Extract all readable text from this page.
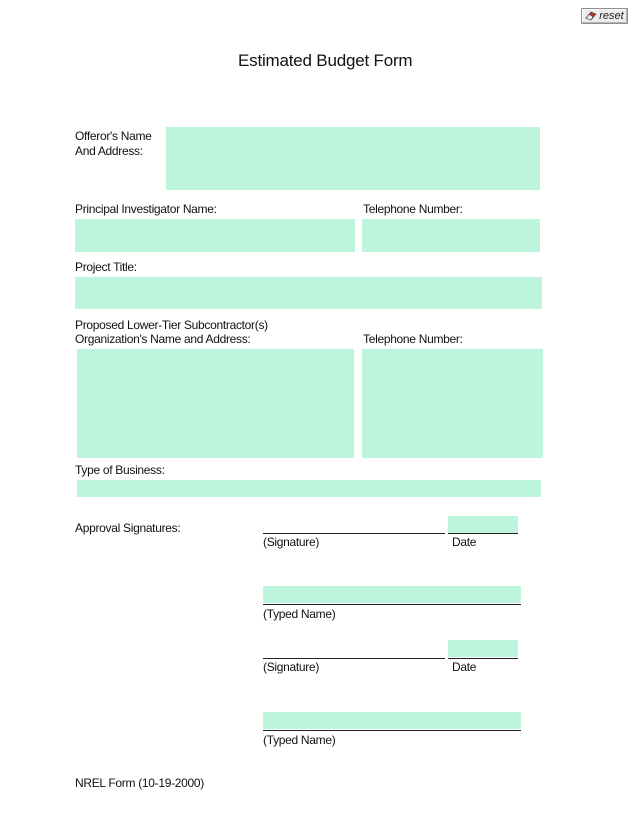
reset
Estimated Budget Form
Offeror's Name
And Address:
Principal Investigator Name:	Telephone Number:
Project Title:
Proposed Lower-Tier Subcontractor(s)
Organization's Name and Address:	Telephone Number:
Type of Business:
Approval Signatures:
(Signature)	Date
(Typed Name)
(Signature)	Date
(Typed Name)
NREL Form (10-19-2000)
